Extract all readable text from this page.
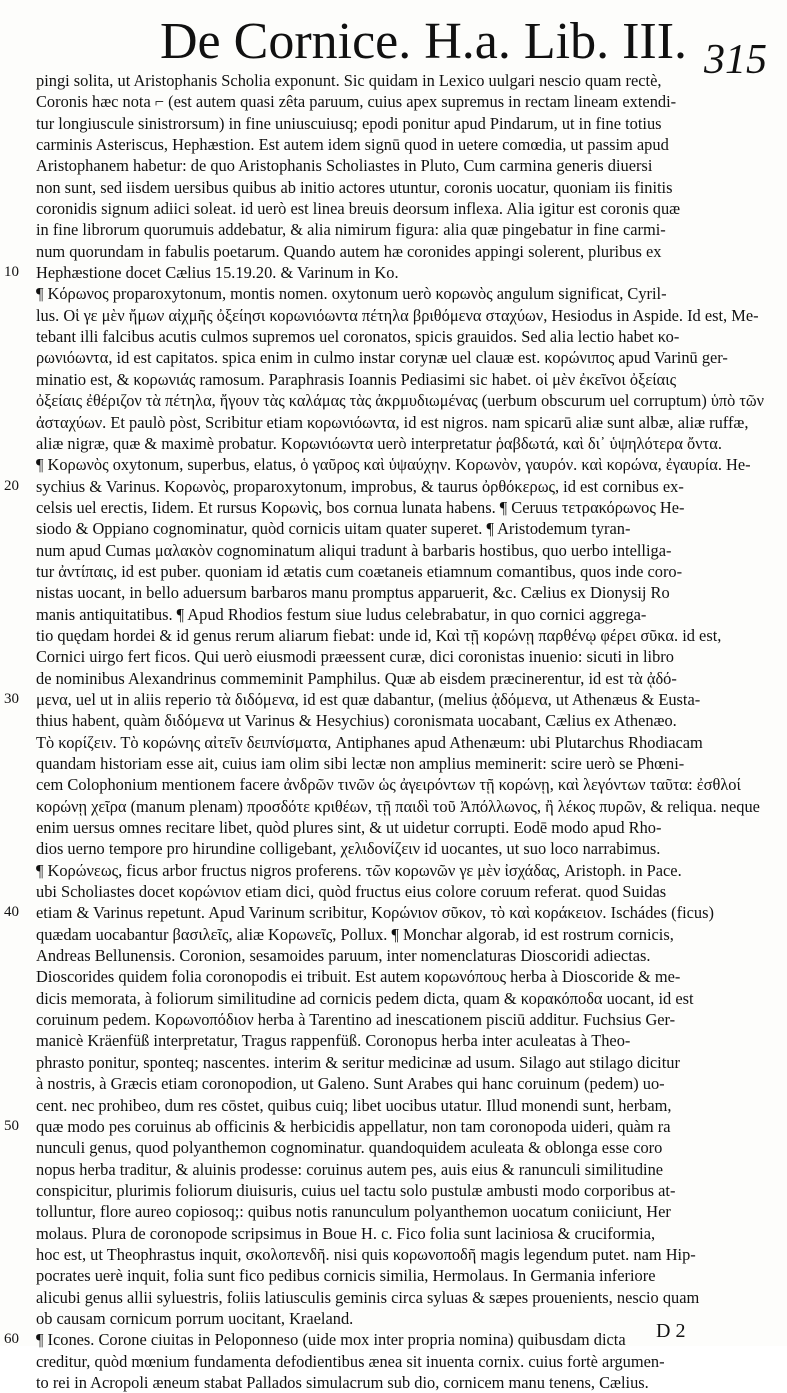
De Cornice. H.a. Lib. III. 315
pingi solita, ut Aristophanis Scholia exponunt. Sic quidam in Lexico uulgari nescio quam rectè,
Coronis hæc nota ⌐ (est autem quasi zêta paruum, cuius apex supremus in rectam lineam extendi-
tur longiuscule sinistrorsum) in fine uniuscuiusq; epodi ponitur apud Pindarum, ut in fine totius
carminis Asteriscus, Hephæstion. Est autem idem signū quod in uetere comœdia, ut passim apud
Aristophanem habetur: de quo Aristophanis Scholiastes in Pluto, Cum carmina generis diuersi
non sunt, sed iisdem uersibus quibus ab initio actores utuntur, coronis uocatur, quoniam iis finitis
coronidis signum adiici soleat. id uerò est linea breuis deorsum inflexa. Alia igitur est coronis quæ
in fine librorum quorumuis addebatur, & alia nimirum figura: alia quæ pingebatur in fine carmi-
num quorundam in fabulis poetarum. Quando autem hæ coronides appingi solerent, pluribus ex
10	Hephæstione docet Cælius 15.19.20. & Varinum in Κο.
¶ Κόρωνος proparoxytonum, montis nomen. oxytonum uerò κορωνὸς angulum significat, Cyril-
lus. Οἱ γε μὲν ἤμων αἰχμῆς ὀξείησι κορωνιόωντα πέτηλα βριθόμενα σταχύων, Hesiodus in Aspide. Id est, Me-
tebant illi falcibus acutis culmos supremos uel coronatos, spicis grauidos. Sed alia lectio habet κο-
ρωνιόωντα, id est capitatos. spica enim in culmo instar corynæ uel clauæ est. κορώνιπος apud Varinū ger-
minatio est, & κορωνιάς ramosum. Paraphrasis Ioannis Pediasimi sic habet. οἱ μὲν ἐκεῖνοι ὀξείαις
ὀξείαις ἐθέριζον τὰ πέτηλα, ἤγουν τὰς καλάμας τὰς ἀκρμυδιωμένας (uerbum obscurum uel corruptum) ὑπὸ τῶν
ἀσταχύων. Et paulò pòst, Scribitur etiam κορωνιόωντα, id est nigros. nam spicarū aliæ sunt albæ, aliæ ruffæ,
aliæ nigræ, quæ & maximè probatur. Κορωνιόωντα uerò interpretatur ῥαβδωτά, καὶ δι᾽ ὑψηλότερα ὄντα.
¶ Κορωνὸς oxytonum, superbus, elatus, ὁ γαῦρος καὶ ὑψαύχην. Κορωνὸν, γαυρόν. καὶ κορώνα, ἐγαυρία. He-
20	sychius & Varinus. Κορωνὸς, proparoxytonum, improbus, & taurus ὀρθόκερως, id est cornibus ex-
celsis uel erectis, Iidem. Et rursus Κορωνὶς, bos cornua lunata habens. ¶ Ceruus τετρακόρωνος He-
siodo & Oppiano cognominatur, quòd cornicis uitam quater superet. ¶ Aristodemum tyran-
num apud Cumas μαλακὸν cognominatum aliqui tradunt à barbaris hostibus, quo uerbo intelliga-
tur ἀντίπαις, id est puber. quoniam id ætatis cum coætaneis etiamnum comantibus, quos inde coro-
nistas uocant, in bello aduersum barbaros manu promptus apparuerit, &c. Cælius ex Dionysij Ro
manis antiquitatibus. ¶ Apud Rhodios festum siue ludus celebrabatur, in quo cornici aggrega-
tio quędam hordei & id genus rerum aliarum fiebat: unde id, Καὶ τῇ κορώνῃ παρθένῳ φέρει σῦκα. id est,
Cornici uirgo fert ficos. Qui uerò eiusmodi præessent curæ, dici coronistas inuenio: sicuti in libro
de nominibus Alexandrinus commeminit Pamphilus. Quæ ab eisdem præcinerentur, id est τὰ ᾀδό-
30	μενα, uel ut in aliis reperio τὰ διδόμενα, id est quæ dabantur, (melius ᾀδόμενα, ut Athenæus & Eusta-
thius habent, quàm διδόμενα ut Varinus & Hesychius) coronismata uocabant, Cælius ex Athenæo.
Τὸ κορίζειν. Τὸ κορώνης αἰτεῖν δειπνίσματα, Antiphanes apud Athenæum: ubi Plutarchus Rhodiacam
quandam historiam esse ait, cuius iam olim sibi lectæ non amplius meminerit: scire uerò se Phœni-
cem Colophonium mentionem facere ἀνδρῶν τινῶν ὡς ἀγειρόντων τῇ κορώνῃ, καὶ λεγόντων ταῦτα: ἐσθλοί
κορώνῃ χεῖρα (manum plenam) προσδότε κριθέων, τῇ παιδὶ τοῦ Ἀπόλλωνος, ἢ λέκος πυρῶν, & reliqua. neque
enim uersus omnes recitare libet, quòd plures sint, & ut uidetur corrupti. Eodē modo apud Rho-
dios uerno tempore pro hirundine colligebant, χελιδονίζειν id uocantes, ut suo loco narrabimus.
¶ Κορώνεως, ficus arbor fructus nigros proferens. τῶν κορωνῶν γε μὲν ἰσχάδας, Aristoph. in Pace.
ubi Scholiastes docet κορώνιον etiam dici, quòd fructus eius colore coruum referat. quod Suidas
40	etiam & Varinus repetunt. Apud Varinum scribitur, Κορώνιον σῦκον, τὸ καὶ κοράκειον. Ischádes (ficus)
quædam uocabantur βασιλεῖς, aliæ Κορωνεῖς, Pollux. ¶ Monchar algorab, id est rostrum cornicis,
Andreas Bellunensis. Coronion, sesamoides paruum, inter nomenclaturas Dioscoridi adiectas.
Dioscorides quidem folia coronopodis ei tribuit. Est autem κορωνόπους herba à Dioscoride & me-
dicis memorata, à foliorum similitudine ad cornicis pedem dicta, quam & κορακόποδα uocant, id est
coruinum pedem. Κορωνοπόδιον herba à Tarentino ad inescationem pisciū additur. Fuchsius Ger-
manicè Kräenfüß interpretatur, Tragus rappenfüß. Coronopus herba inter aculeatas à Theo-
phrasto ponitur, sponteq; nascentes. interim & seritur medicinæ ad usum. Silago aut stilago dicitur
à nostris, à Græcis etiam coronopodion, ut Galeno. Sunt Arabes qui hanc coruinum (pedem) uo-
cent. nec prohibeo, dum res cōstet, quibus cuiq; libet uocibus utatur. Illud monendi sunt, herbam,
50	quæ modo pes coruinus ab officinis & herbicidis appellatur, non tam coronopoda uideri, quàm ra
nunculi genus, quod polyanthemon cognominatur. quandoquidem aculeata & oblonga esse coro
nopus herba traditur, & aluinis prodesse: coruinus autem pes, auis eius & ranunculi similitudine
conspicitur, plurimis foliorum diuisuris, cuius uel tactu solo pustulæ ambusti modo corporibus at-
tolluntur, flore aureo copiosoq;: quibus notis ranunculum polyanthemon uocatum coniiciunt, Her
molaus. Plura de coronopode scripsimus in Boue H. c. Fico folia sunt laciniosa & cruciformia,
hoc est, ut Theophrastus inquit, σκολοπενδῆ. nisi quis κορωνοποδῆ magis legendum putet. nam Hip-
pocrates uerè inquit, folia sunt fico pedibus cornicis similia, Hermolaus. In Germania inferiore
alicubi genus allii syluestris, foliis latiusculis geminis circa syluas & sæpes prouenients, nescio quam
ob causam cornicum porrum uocitant, Kraeland.
60	¶ Icones. Corone ciuitas in Peloponneso (uide mox inter propria nomina) quibusdam dicta
creditur, quòd mœnium fundamenta defodientibus ænea sit inuenta cornix. cuius fortè argumen-
to rei in Acropoli æneum stabat Pallados simulacrum sub dio, cornicem manu tenens, Cælius.
D 2
